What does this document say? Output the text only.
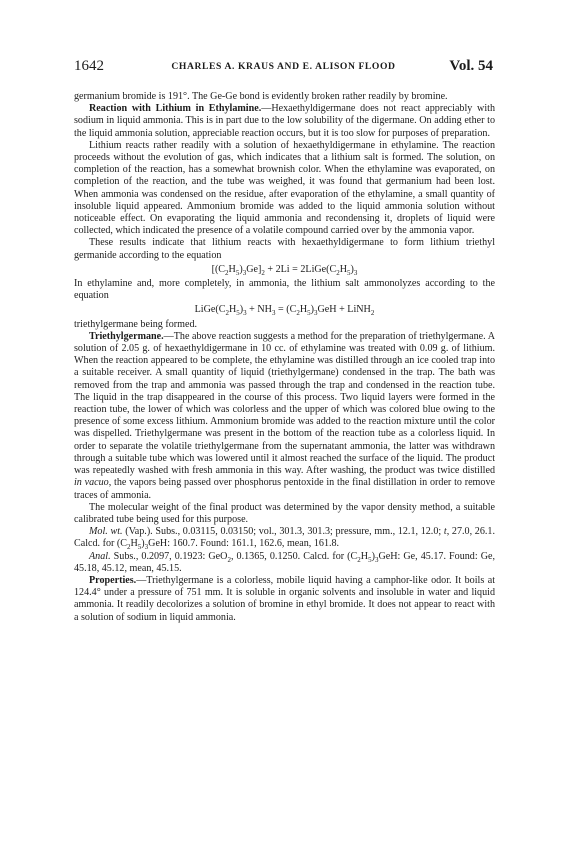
1642	CHARLES A. KRAUS AND E. ALISON FLOOD	Vol. 54

germanium bromide is 191°. The Ge-Ge bond is evidently broken rather readily by bromine.

Reaction with Lithium in Ethylamine.—Hexaethyldigermane does not react appreciably with sodium in liquid ammonia. This is in part due to the low solubility of the digermane. On adding ether to the liquid ammonia solution, appreciable reaction occurs, but it is too slow for purposes of preparation.

Lithium reacts rather readily with a solution of hexaethyldigermane in ethylamine. The reaction proceeds without the evolution of gas, which indicates that a lithium salt is formed. The solution, on completion of the reaction, has a somewhat brownish color. When the ethylamine was evaporated, on completion of the reaction, and the tube was weighed, it was found that germanium had been lost. When ammonia was condensed on the residue, after evaporation of the ethylamine, a small quantity of insoluble liquid appeared. Ammonium bromide was added to the liquid ammonia solution without noticeable effect. On evaporating the liquid ammonia and recondensing it, droplets of liquid were collected, which indicated the presence of a volatile compound carried over by the ammonia vapor.

These results indicate that lithium reacts with hexaethyldigermane to form lithium triethyl germanide according to the equation

$[(C_2H_5)_3Ge]_2 + 2Li$ = $2LiGe(C_2H_5)_3$

In ethylamine and, more completely, in ammonia, the lithium salt ammonolyzes according to the equation

$LiGe(C_2H_5)_3 + NH_3 = (C_2H_5)_3GeH$ + LiNH$_2$

triethylgermane being formed.

Triethylgermane.—The above reaction suggests a method for the preparation of triethylgermane. A solution of 2.05 g. of hexaethyldigermane in 10 cc. of ethylamine was treated with 0.09 g. of lithium. When the reaction appeared to be complete, the ethylamine was distilled through an ice cooled trap into a suitable receiver. A small quantity of liquid (triethylgermane) condensed in the trap. The bath was removed from the trap and ammonia was passed through the trap and condensed in the reaction tube. The liquid in the trap disappeared in the course of this process. Two liquid layers were formed in the reaction tube, the lower of which was colorless and the upper of which was colored blue owing to the presence of some excess lithium. Ammonium bromide was added to the reaction mixture until the color was dispelled. Triethylgermane was present in the bottom of the reaction tube as a colorless liquid. In order to separate the volatile triethylgermane from the supernatant ammonia, the latter was withdrawn through a suitable tube which was lowered until it almost reached the surface of the liquid. The product was repeatedly washed with fresh ammonia in this way. After washing, the product was twice distilled in vacuo, the vapors being passed over phosphorus pentoxide in the final distillation in order to remove traces of ammonia.

The molecular weight of the final product was determined by the vapor density method, a suitable calibrated tube being used for this purpose.

Mol. wt. (Vap.). Subs., 0.03115, 0.03150; vol., 301.3, 301.3; pressure, mm., 12.1, 12.0; t, 27.0, 26.1. Calcd. for $(C_2H_5)_3GeH$: 160.7. Found: 161.1, 162.6, mean, 161.8.

Anal. Subs., 0.2097, 0.1923: GeO$_2$, 0.1365, 0.1250. Calcd. for $(C_2H_5)_3GeH$: Ge, 45.17. Found: Ge, 45.18, 45.12, mean, 45.15.

Properties.—Triethylgermane is a colorless, mobile liquid having a camphor-like odor. It boils at 124.4° under a pressure of 751 mm. It is soluble in organic solvents and insoluble in water and liquid ammonia. It readily decolorizes a solution of bromine in ethyl bromide. It does not appear to react with a solution of sodium in liquid ammonia.
